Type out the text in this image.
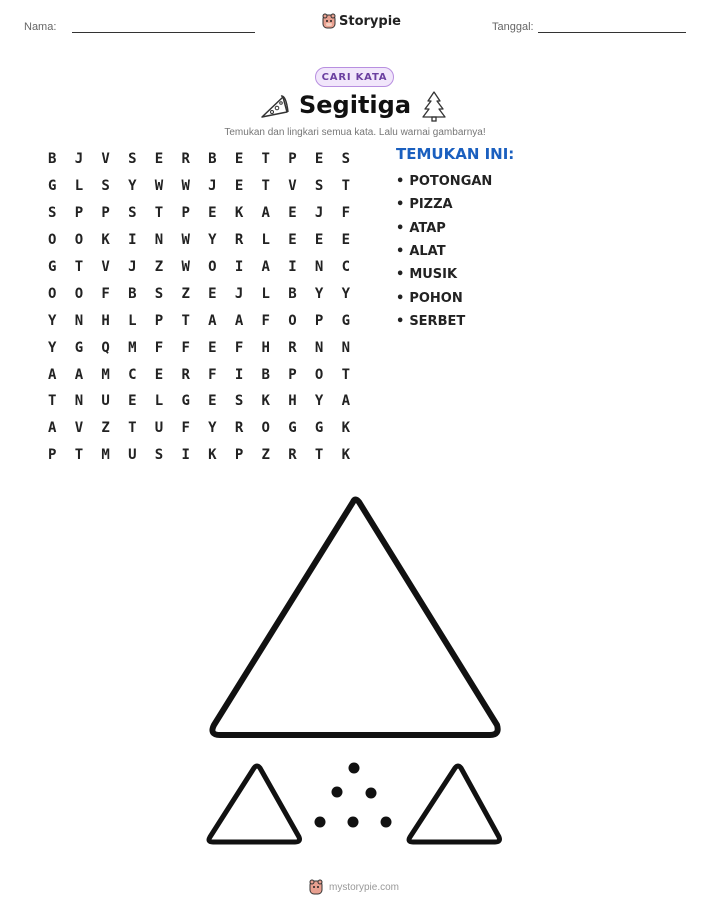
Nama:	Storypie	Tanggal:
CARI KATA
Segitiga
Temukan dan lingkari semua kata. Lalu warnai gambarnya!
B	J	V	S	E	R	B	E	T	P	E	S
G	L	S	Y	W	W	J	E	T	V	S	T
S	P	P	S	T	P	E	K	A	E	J	F
O	O	K	I	N	W	Y	R	L	E	E	E
G	T	V	J	Z	W	O	I	A	I	N	C
O	O	F	B	S	Z	E	J	L	B	Y	Y
Y	N	H	L	P	T	A	A	F	O	P	G
Y	G	Q	M	F	F	E	F	H	R	N	N
A	A	M	C	E	R	F	I	B	P	O	T
T	N	U	E	L	G	E	S	K	H	Y	A
A	V	Z	T	U	F	Y	R	O	G	G	K
P	T	M	U	S	I	K	P	Z	R	T	K
TEMUKAN INI:
• POTONGAN
• PIZZA
• ATAP
• ALAT
• MUSIK
• POHON
• SERBET
mystorypie.com
